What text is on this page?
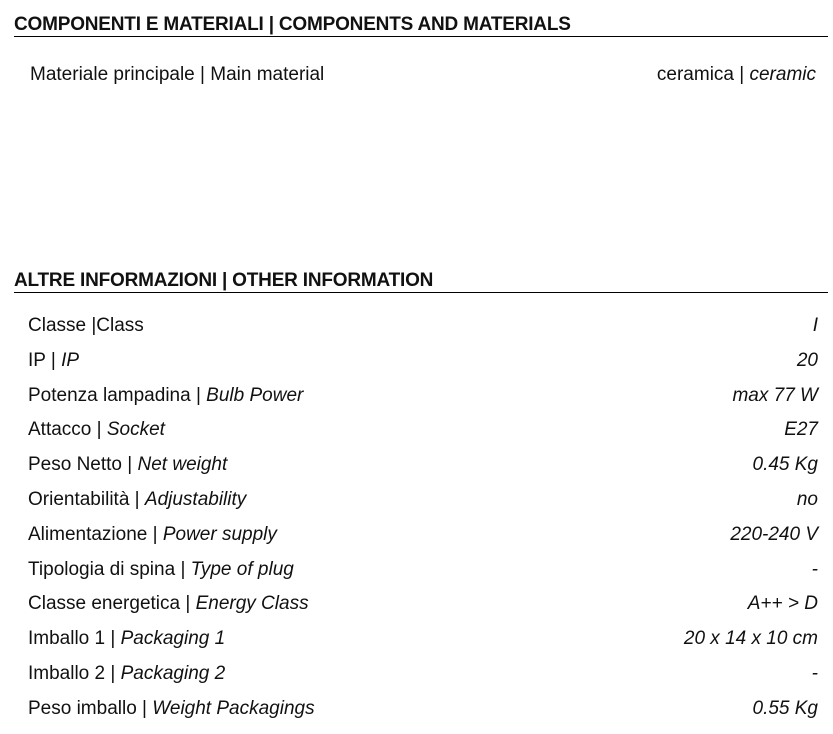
COMPONENTI E MATERIALI | COMPONENTS AND MATERIALS
Materiale principale | Main material	ceramica | ceramic
ALTRE INFORMAZIONI | OTHER INFORMATION
Classe |Class	I
IP | IP	20
Potenza lampadina | Bulb Power	max 77 W
Attacco | Socket	E27
Peso Netto | Net weight	0.45 Kg
Orientabilità | Adjustability	no
Alimentazione | Power supply	220-240 V
Tipologia di spina | Type of plug	-
Classe energetica | Energy Class	A++ > D
Imballo 1 | Packaging 1	20 x 14 x 10 cm
Imballo 2 | Packaging 2	-
Peso imballo | Weight Packagings	0.55 Kg
